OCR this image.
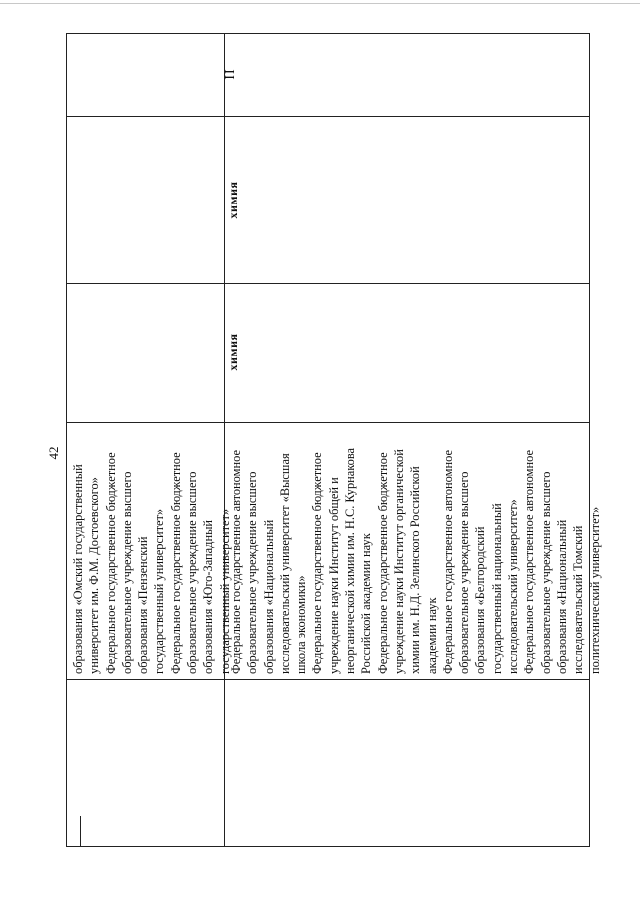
42
образования «Омский государственный университет им. Ф.М. Достоевского» Федеральное государственное бюджетное образовательное учреждение высшего образования «Пензенский государственный университет» Федеральное государственное бюджетное образовательное учреждение высшего образования «Юго-Западный государственный университет»
Федеральное государственное автономное образовательное учреждение высшего образования «Национальный исследовательский университет «Высшая школа экономики» Федеральное государственное бюджетное учреждение науки Институт общей и неорганической химии им. Н.С. Курнакова Российской академии наук Федеральное государственное бюджетное учреждение науки Институт органической химии им. Н.Д. Зелинского Российской академии наук Федеральное государственное автономное образовательное учреждение высшего образования «Белгородский государственный национальный исследовательский университет» Федеральное государственное автономное образовательное учреждение высшего образования «Национальный исследовательский Томский политехнический университет»
химия
химия
II
